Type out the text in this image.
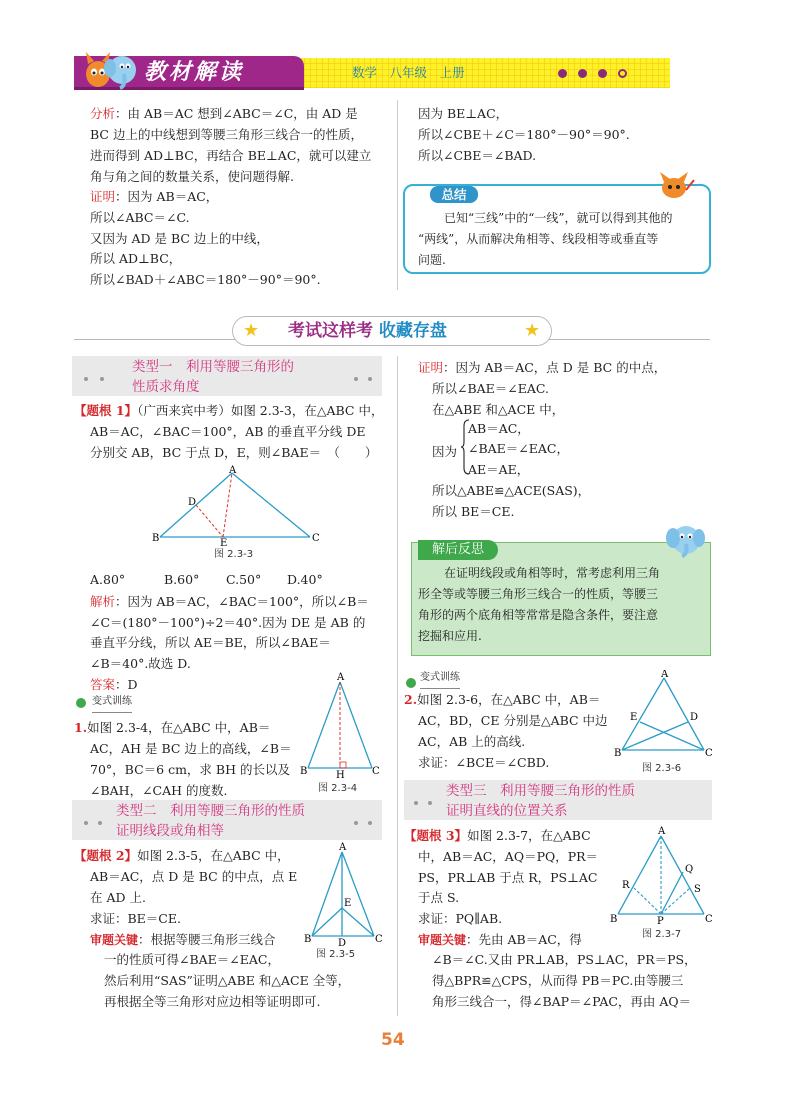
教材解读	数学　 八年级　 上册
分析：由 AB＝AC 想到∠ABC＝∠C，由 AD 是
BC 边上的中线想到等腰三角形三线合一的性质，
进而得到 AD⊥BC，再结合 BE⊥AC，就可以建立
角与角之间的数量关系，使问题得解.
证明：因为 AB＝AC，
所以∠ABC＝∠C.
又因为 AD 是 BC 边上的中线，
所以 AD⊥BC，
所以∠BAD＋∠ABC＝180°－90°＝90°.
因为 BE⊥AC，
所以∠CBE＋∠C＝180°－90°＝90°.
所以∠CBE＝∠BAD.
总结
已知“三线”中的“一线”，就可以得到其他的
“两线”，从而解决角相等、线段相等或垂直等
问题.
★	★
考试这样考 收藏存盘
类型一　利用等腰三角形的
性质求角度
【题根 1】（广西来宾中考）如图 2.3-3，在△ABC 中，
AB＝AC，∠BAC＝100°，AB 的垂直平分线 DE
分别交 AB，BC 于点 D，E，则∠BAE＝　（　　）
A
D
B	E	C
图 2.3-3
A.80°	B.60° C.50° D.40°
解析：因为 AB＝AC，∠BAC＝100°，所以∠B＝
∠C＝(180°－100°)÷2＝40°.因为 DE 是 AB 的
垂直平分线，所以 AE＝BE，所以∠BAE＝
∠B＝40°.故选 D.
答案：D
变式训练
1.如图 2.3-4，在△ABC 中，AB＝
AC，AH 是 BC 边上的高线，∠B＝
70°，BC＝6 cm，求 BH 的长以及
∠BAH，∠CAH 的度数.
A
B	H	C
图 2.3-4
类型二　利用等腰三角形的性质
证明线段或角相等
【题根 2】如图 2.3-5，在△ABC 中，
AB＝AC，点 D 是 BC 的中点，点 E
在 AD 上.
求证：BE＝CE.
审题关键：根据等腰三角形三线合
一的性质可得∠BAE＝∠EAC，
然后利用“SAS”证明△ABE 和△ACE 全等，
再根据全等三角形对应边相等证明即可.
A
E
B	D	C
图 2.3-5
证明：因为 AB＝AC，点 D 是 BC 的中点，
所以∠BAE＝∠EAC.
在△ABE 和△ACE 中，
因为
AB＝AC，
∠BAE＝∠EAC，
AE＝AE，
所以△ABE≌△ACE(SAS)，
所以 BE＝CE.
解后反思
在证明线段或角相等时，常考虑利用三角
形全等或等腰三角形三线合一的性质，等腰三
角形的两个底角相等常常是隐含条件，要注意
挖掘和应用.
变式训练
2.如图 2.3-6，在△ABC 中，AB＝
AC，BD，CE 分别是△ABC 中边
AC，AB 上的高线.
求证：∠BCE＝∠CBD.
A
E	D
B	C
图 2.3-6
类型三　利用等腰三角形的性质
证明直线的位置关系
【题根 3】如图 2.3-7，在△ABC
中，AB＝AC，AQ＝PQ，PR＝
PS，PR⊥AB 于点 R，PS⊥AC
于点 S.
求证：PQ∥AB.
审题关键：先由 AB＝AC，得
∠B＝∠C.又由 PR⊥AB，PS⊥AC，PR＝PS，
得△BPR≌△CPS，从而得 PB＝PC.由等腰三
角形三线合一，得∠BAP＝∠PAC，再由 AQ＝
A
Q
R	S
B	P	C
图 2.3-7
54
